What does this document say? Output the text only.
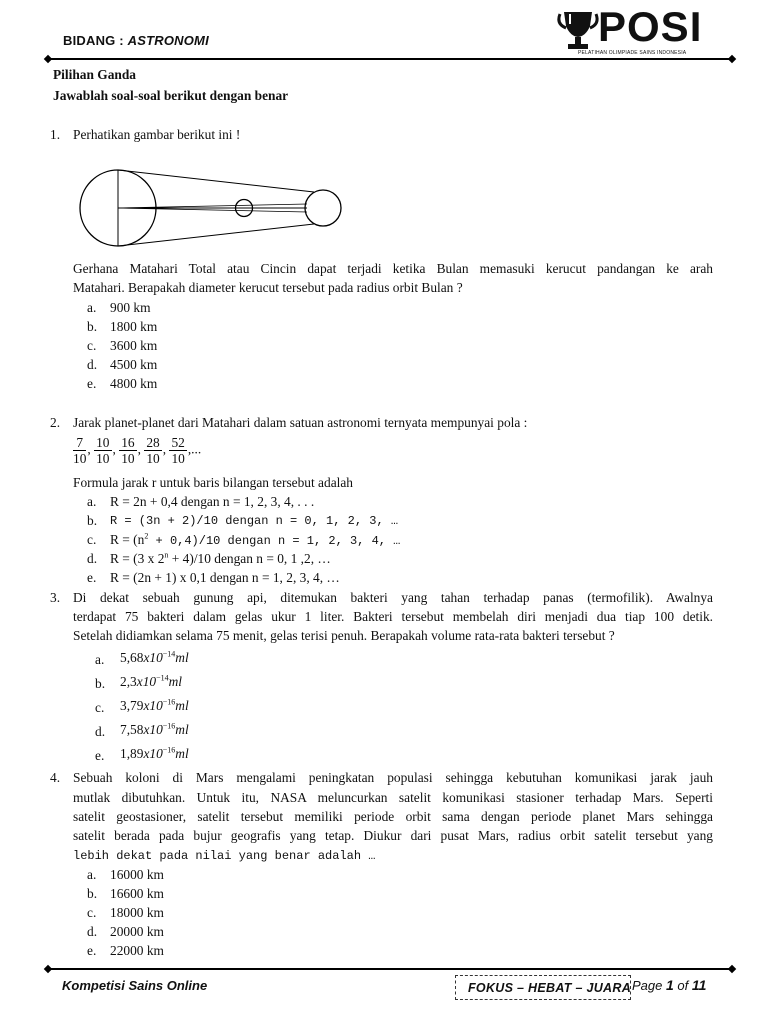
BIDANG : ASTRONOMI	POSI
PELATIHAN OLIMPIADE SAINS INDONESIA
Pilihan Ganda
Jawablah soal-soal berikut dengan benar
1. Perhatikan gambar berikut ini !
Gerhana Matahari Total atau Cincin dapat terjadi ketika Bulan memasuki kerucut pandangan ke arah
Matahari. Berapakah diameter kerucut tersebut pada radius orbit Bulan ?
a.	900 km
b. 1800 km
c.	3600 km
d. 4500 km
e.	4800 km
2. Jarak planet-planet dari Matahari dalam satuan astronomi ternyata mempunyai pola :
$\frac{7}{10}$ , $\frac{10}{10}$ , $\frac{16}{10}$ , $\frac{28}{10}$ , $\frac{52}{10}$ ,...
Formula jarak r untuk baris bilangan tersebut adalah
a.	R = 2n + 0,4 dengan n = 1, 2, 3, 4, . . .
b.	R = (3n + 2)/10 dengan n = 0, 1, 2, 3, …
c.	$R = (n^2 + 0,4)/10$ dengan n = 1, 2, 3, 4, …
d. R = (3 x $2^n + 4)/10$ dengan n = 0, 1 ,2, …
e.	R = (2n + 1) x 0,1 dengan n = 1, 2, 3, 4, …
3. Di dekat sebuah gunung api, ditemukan bakteri yang tahan terhadap panas (termofilik). Awalnya
terdapat 75 bakteri dalam gelas ukur 1 liter. Bakteri tersebut membelah diri menjadi dua tiap 100 detik.
Setelah didiamkan selama 75 menit, gelas terisi penuh. Berapakah volume rata-rata bakteri tersebut ?
a.	$5,68x10^{-14}ml$
b.	$2,3x10^{-14}ml$
c.	$3,79x10^{-16}ml$
d.	$7,58x10^{-16}ml$
e.	$1,89x10^{-16}ml$
4. Sebuah koloni di Mars mengalami peningkatan populasi sehingga kebutuhan komunikasi jarak jauh
mutlak dibutuhkan. Untuk itu, NASA meluncurkan satelit komunikasi stasioner terhadap Mars. Seperti
satelit geostasioner, satelit tersebut memiliki periode orbit sama dengan periode planet Mars sehingga
satelit berada pada bujur geografis yang tetap. Diukur dari pusat Mars, radius orbit satelit tersebut yang
lebih dekat pada nilai yang benar adalah …
a.	16000 km
b. 16600 km
c.	18000 km
d. 20000 km
e.	22000 km
Kompetisi Sains Online	FOKUS – HEBAT – JUARA Page 1 of 11
